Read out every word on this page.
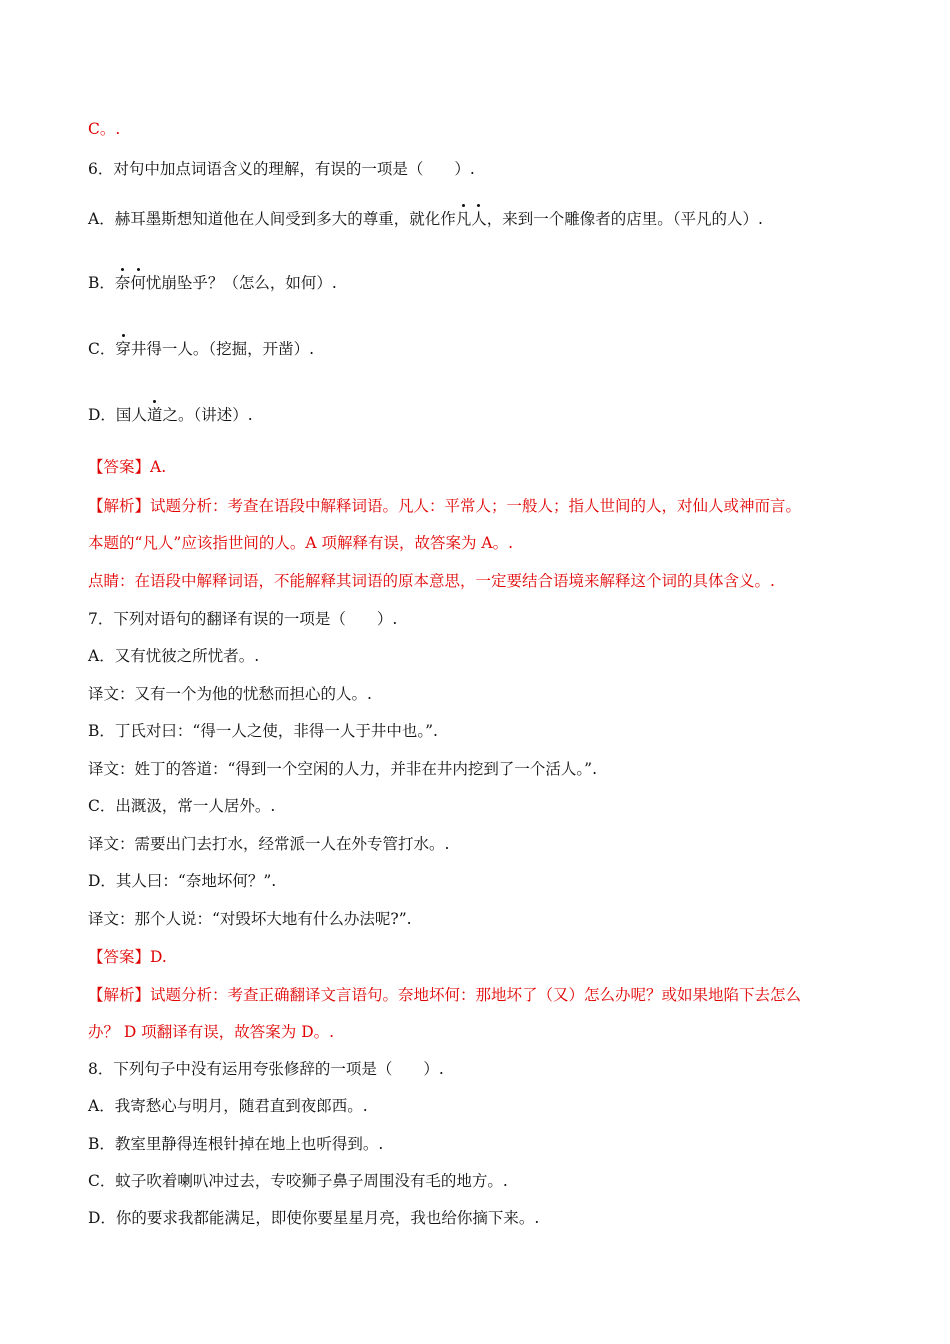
C。.
6．对句中加点词语含义的理解，有误的一项是（　　）.
A．赫耳墨斯想知道他在人间受到多大的尊重，就化作凡人，来到一个雕像者的店里。（平凡的人）.
B．奈何忧崩坠乎？（怎么，如何）.
C．穿井得一人。（挖掘，开凿）.
D．国人道之。（讲述）.
【答案】A.
【解析】试题分析：考查在语段中解释词语。凡人：平常人；一般人；指人世间的人，对仙人或神而言。
本题的“凡人”应该指世间的人。A 项解释有误，故答案为 A。.
点睛：在语段中解释词语，不能解释其词语的原本意思，一定要结合语境来解释这个词的具体含义。.
7．下列对语句的翻译有误的一项是（　　）.
A．又有忧彼之所忧者。.
译文：又有一个为他的忧愁而担心的人。.
B．丁氏对曰：“得一人之使，非得一人于井中也。”.
译文：姓丁的答道：“得到一个空闲的人力，并非在井内挖到了一个活人。”.
C．出溉汲，常一人居外。.
译文：需要出门去打水，经常派一人在外专管打水。.
D．其人曰：“奈地坏何？”.
译文：那个人说：“对毁坏大地有什么办法呢?”.
【答案】D.
【解析】试题分析：考查正确翻译文言语句。奈地坏何：那地坏了（又）怎么办呢？或如果地陷下去怎么
办？ D 项翻译有误，故答案为 D。.
8．下列句子中没有运用夸张修辞的一项是（　　）.
A．我寄愁心与明月，随君直到夜郎西。.
B．教室里静得连根针掉在地上也听得到。.
C．蚊子吹着喇叭冲过去，专咬狮子鼻子周围没有毛的地方。.
D．你的要求我都能满足，即使你要星星月亮，我也给你摘下来。.
